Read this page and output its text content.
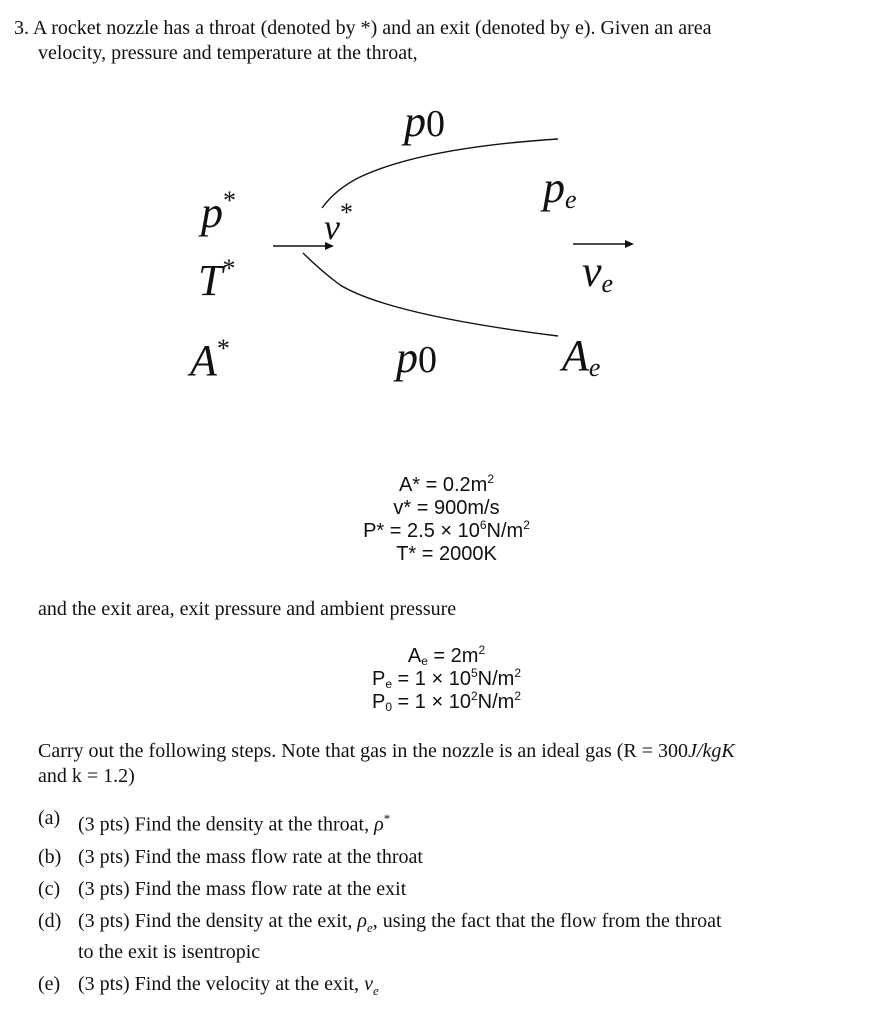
3. A rocket nozzle has a throat (denoted by *) and an exit (denoted by e). Given an area
velocity, pressure and temperature at the throat,
p0
p*
v*
$p_e$
T*	$v_e$
A*	p0	$A_e$
$A* = 0.2m^2$
v* = 900m/s
$P* = 2.5 \times 10^6N/m^2$
T* = 2000K
and the exit area, exit pressure and ambient pressure
$A_e = 2m^2$
$P_e = 1 \times 10^5N/m^2$
$P_0 = 1 \times 10^2N/m^2$
Carry out the following steps. Note that gas in the nozzle is an ideal gas (R = 300J/kgK
and k = 1.2)
(a) (3 pts) Find the density at the throat, ρ*
(b) (3 pts) Find the mass flow rate at the throat
(c) (3 pts) Find the mass flow rate at the exit
(d) (3 pts) Find the density at the exit, $\rho_e$, using the fact that the flow from the throat
to the exit is isentropic
(e) (3 pts) Find the velocity at the exit, $v_e$
